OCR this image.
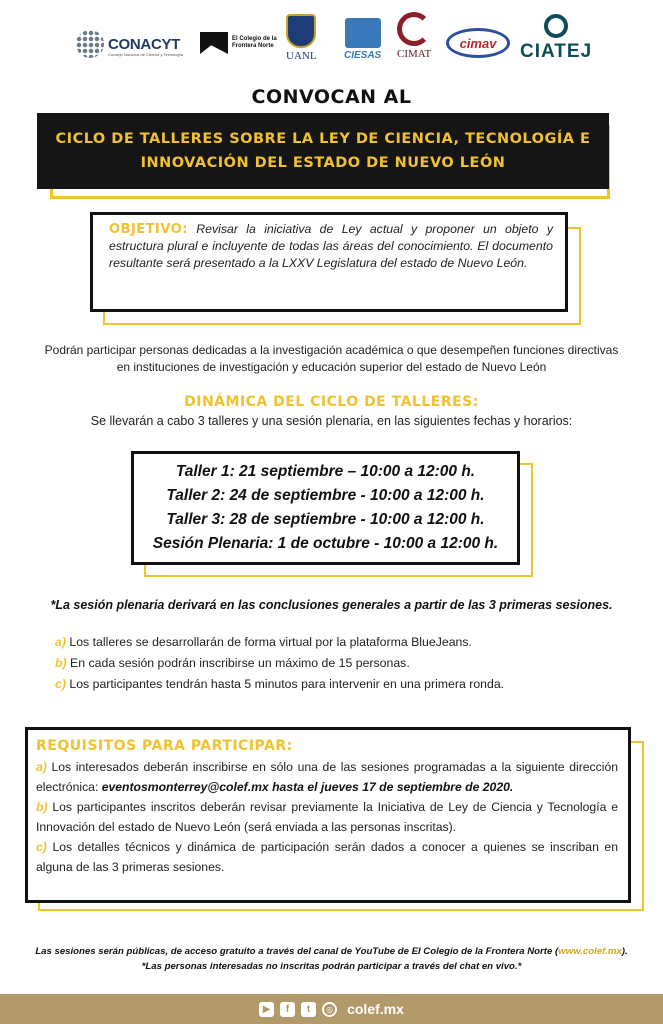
CONACYT
Consejo Nacional de Ciencia y Tecnología
El Colegio de la Frontera Norte
UANL	CIESAS CIMAT
cimav CIATEJ
CONVOCAN AL
CICLO DE TALLERES SOBRE LA LEY DE CIENCIA, TECNOLOGÍA E
INNOVACIÓN DEL ESTADO DE NUEVO LEÓN

OBJETIVO: Revisar la iniciativa de Ley actual y proponer un objeto y estructura plural e incluyente de todas las áreas del conocimiento. El documento resultante será presentado a la LXXV Legislatura del estado de Nuevo León.

Podrán participar personas dedicadas a la investigación académica o que desempeñen funciones directivas
en instituciones de investigación y educación superior del estado de Nuevo León
DINÁMICA DEL CICLO DE TALLERES:
Se llevarán a cabo 3 talleres y una sesión plenaria, en las siguientes fechas y horarios:
Taller 1: 21 septiembre – 10:00 a 12:00 h.
Taller 2: 24 de septiembre - 10:00 a 12:00 h.
Taller 3: 28 de septiembre - 10:00 a 12:00 h.
Sesión Plenaria: 1 de octubre - 10:00 a 12:00 h.
*La sesión plenaria derivará en las conclusiones generales a partir de las 3 primeras sesiones.
a) Los talleres se desarrollarán de forma virtual por la plataforma BlueJeans.
b) En cada sesión podrán inscribirse un máximo de 15 personas.
c) Los participantes tendrán hasta 5 minutos para intervenir en una primera ronda.
REQUISITOS PARA PARTICIPAR:

a) Los interesados deberán inscribirse en sólo una de las sesiones programadas a la siguiente dirección electrónica: eventosmonterrey@colef.mx hasta el jueves 17 de septiembre de 2020.

b) Los participantes inscritos deberán revisar previamente la Iniciativa de Ley de Ciencia y Tecnología e Innovación del estado de Nuevo León (será enviada a las personas inscritas).

c) Los detalles técnicos y dinámica de participación serán dados a conocer a quienes se inscriban en alguna de las 3 primeras sesiones.

Las sesiones serán públicas, de acceso gratuito a través del canal de YouTube de El Colegio de la Frontera Norte (www.colef.mx).
*Las personas interesadas no inscritas podrán participar a través del chat en vivo.*
▶	f	t	◎ colef.mx
